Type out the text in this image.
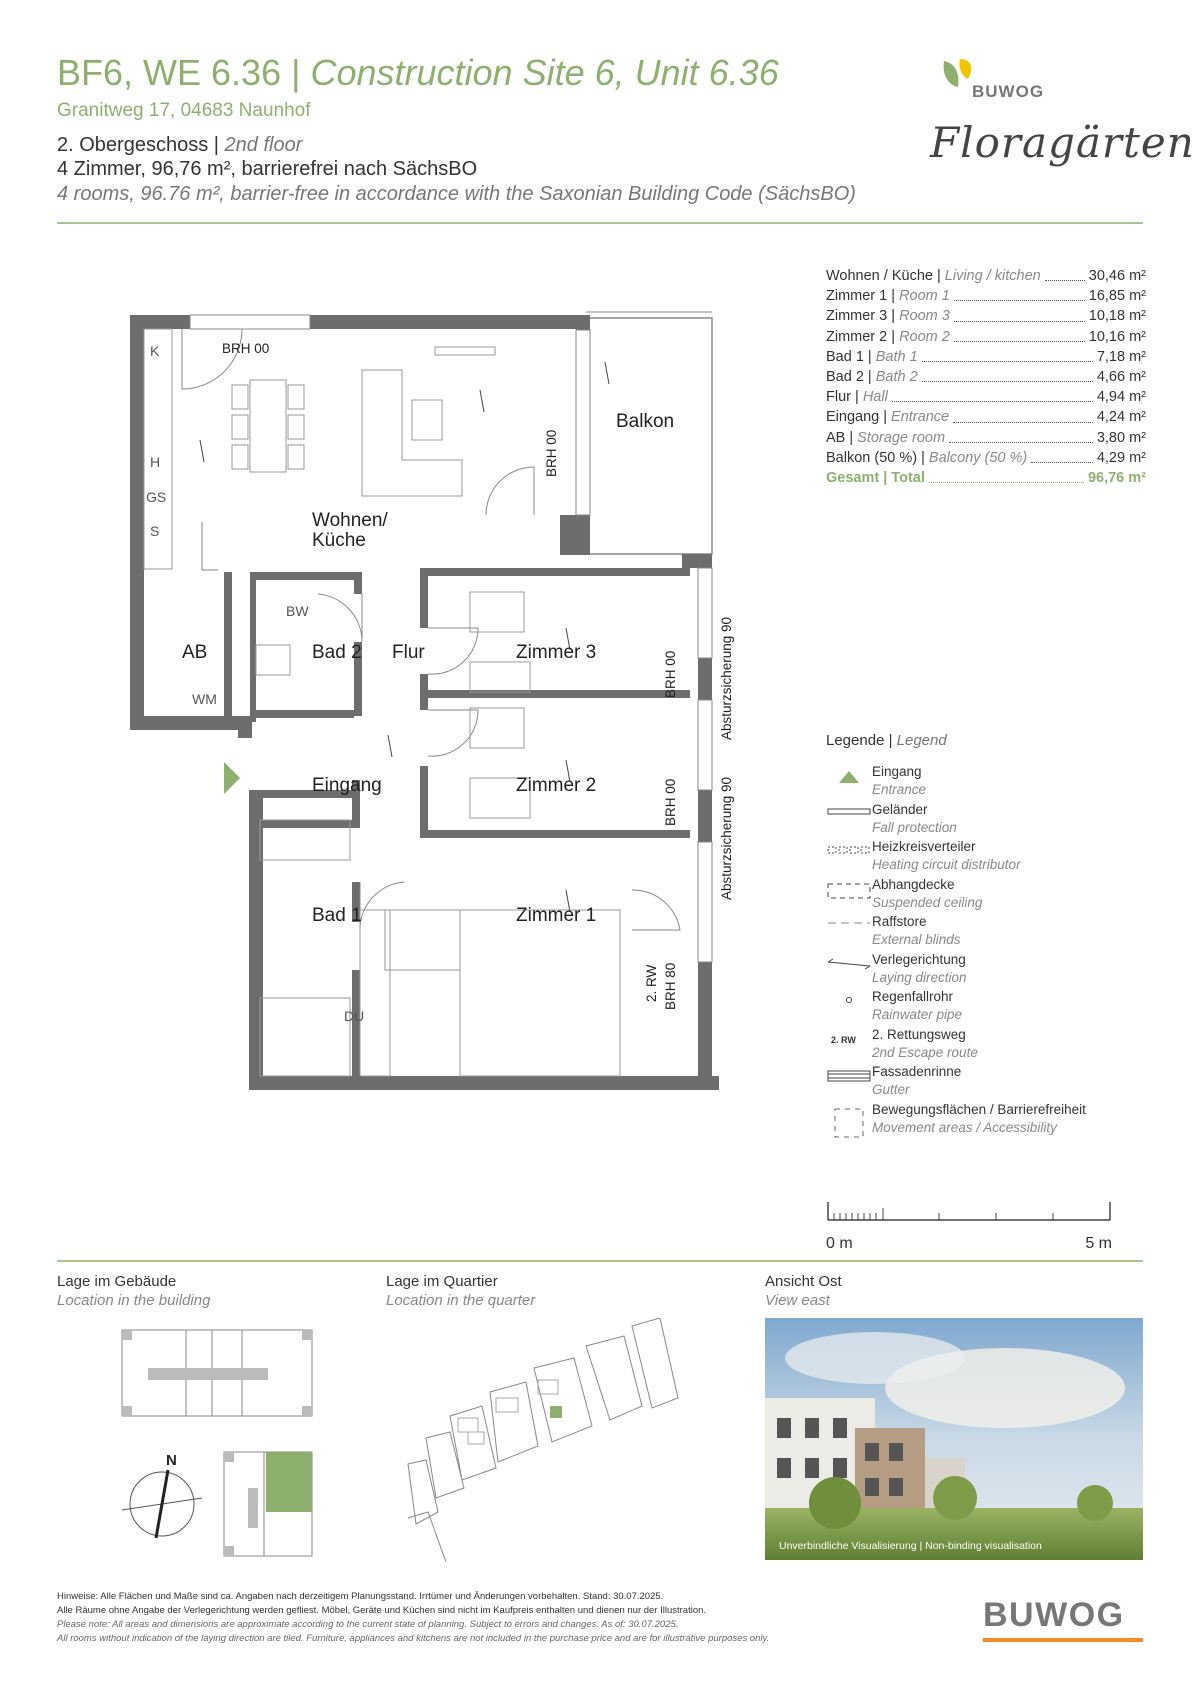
BF6, WE 6.36 | Construction Site 6, Unit 6.36
Granitweg 17, 04683 Naunhof
2. Obergeschoss | 2nd floor
4 Zimmer, 96,76 m², barrierefrei nach SächsBO
4 rooms, 96.76 m², barrier-free in accordance with the Saxonian Building Code (SächsBO)
BUWOG
Floragärten
Wohnen / Küche | Living / kitchen	30,46 m²
Zimmer 1 | Room 1	16,85 m²
Zimmer 3 | Room 3	10,18 m²
Zimmer 2 | Room 2	10,16 m²
Bad 1 | Bath 1	7,18 m²
Bad 2 | Bath 2	4,66 m²
Flur | Hall	4,94 m²
Eingang | Entrance	4,24 m²
AB | Storage room	3,80 m²
Balkon (50 %) | Balcony (50 %)	4,29 m²
Gesamt | Total	96,76 m²
Wohnen/
Küche
Balkon
AB	Bad 2 Flur	Zimmer 3
Zimmer 2
Zimmer 1
Eingang
Bad 1
BRH 00
K
H
GS
S
BW
WM
DU
BRH 00
BRH 00
BRH 00
BRH 80
2. RW
Absturzsicherung 90
Absturzsicherung 90
Legende | Legend
Eingang
Entrance
Geländer
Fall protection
Heizkreisverteiler
Heating circuit distributor
Abhangdecke
Suspended ceiling
Raffstore
External blinds
Verlegerichtung
Laying direction
Regenfallrohr
Rainwater pipe
2. RW 2. Rettungsweg
2nd Escape route
Fassadenrinne
Gutter
Bewegungsflächen / Barrierefreiheit
Movement areas / Accessibility
0 m	5 m
Lage im Gebäude
Location in the building
Lage im Quartier
Location in the quarter
Ansicht Ost
View east
N
Unverbindliche Visualisierung | Non-binding visualisation
Hinweise: Alle Flächen und Maße sind ca. Angaben nach derzeitigem Planungsstand. Irrtümer und Änderungen vorbehalten. Stand: 30.07.2025.
Alle Räume ohne Angabe der Verlegerichtung werden gefliest. Möbel, Geräte und Küchen sind nicht im Kaufpreis enthalten und dienen nur der Illustration.
Please note: All areas and dimensions are approximate according to the current state of planning. Subject to errors and changes. As of: 30.07.2025.
All rooms without indication of the laying direction are tiled. Furniture, appliances and kitchens are not included in the purchase price and are for illustrative purposes only.
BUWOG
